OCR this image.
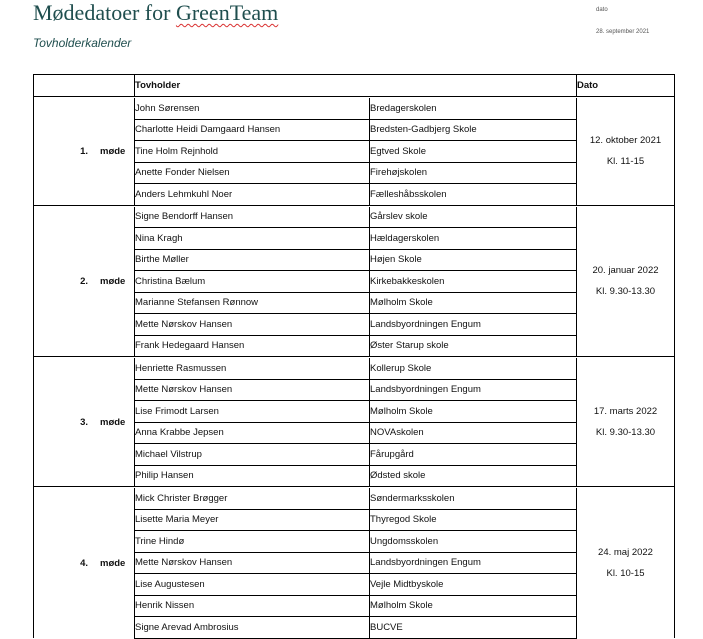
Mødedatoer for GreenTeam
Tovholderkalender
dato
28. september 2021
	Tovholder		Dato

1. møde	John Sørensen	Bredagerskolen	12. oktober 2021
Kl. 11-15

	Charlotte Heidi Damgaard Hansen	Bredsten-Gadbjerg Skole	
	Tine Holm Rejnhold	Egtved Skole	
	Anette Fonder Nielsen	Firehøjskolen	
	Anders Lehmkuhl Noer	Fælleshåbsskolen	

2. møde	Signe Bendorff Hansen	Gårslev skole	20. januar 2022
Kl. 9.30-13.30

	Nina Kragh	Hældagerskolen	
	Birthe Møller	Højen Skole	
	Christina Bælum	Kirkebakkeskolen	
	Marianne Stefansen Rønnow	Mølholm Skole	
	Mette Nørskov Hansen	Landsbyordningen Engum	
	Frank Hedegaard Hansen	Øster Starup skole	

3. møde	Henriette Rasmussen	Kollerup Skole	17. marts 2022
Kl. 9.30-13.30

	Mette Nørskov Hansen	Landsbyordningen Engum	
	Lise Frimodt Larsen	Mølholm Skole	
	Anna Krabbe Jepsen	NOVAskolen	
	Michael Vilstrup	Fårupgård	
	Philip Hansen	Ødsted skole	

4. møde	Mick Christer Brøgger	Søndermarksskolen	24. maj 2022
Kl. 10-15

	Lisette Maria Meyer	Thyregod Skole	
	Trine Hindø	Ungdomsskolen	
	Mette Nørskov Hansen	Landsbyordningen Engum	
	Lise Augustesen	Vejle Midtbyskole	
	Henrik Nissen	Mølholm Skole	
	Signe Arevad Ambrosius	BUCVE	
